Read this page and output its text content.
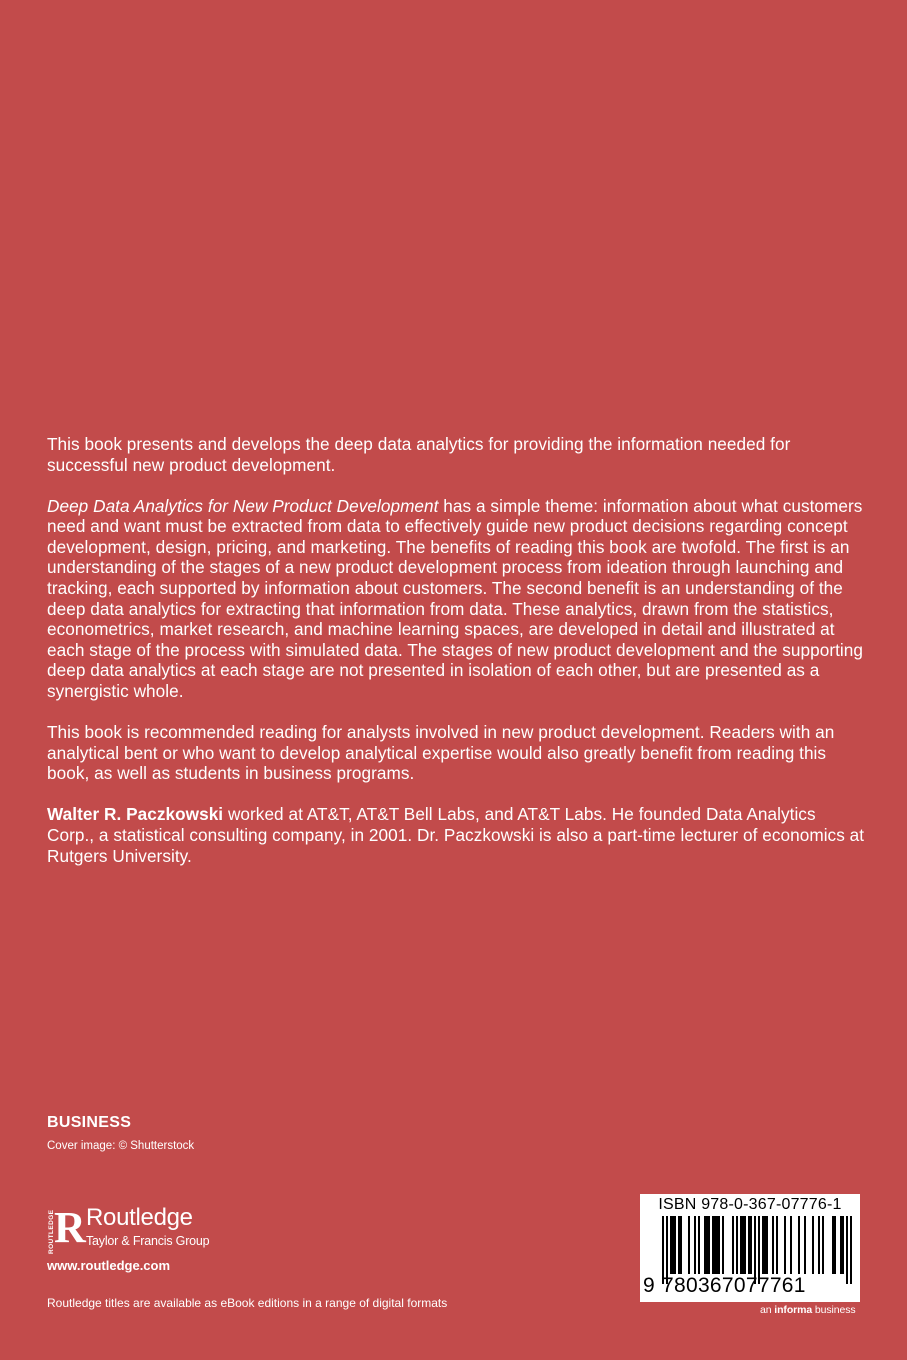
This book presents and develops the deep data analytics for providing the information needed for successful new product development.

Deep Data Analytics for New Product Development has a simple theme: information about what customers need and want must be extracted from data to effectively guide new product decisions regarding concept development, design, pricing, and marketing. The benefits of reading this book are twofold. The first is an understanding of the stages of a new product development process from ideation through launching and tracking, each supported by information about customers. The second benefit is an understanding of the deep data analytics for extracting that information from data. These analytics, drawn from the statistics, econometrics, market research, and machine learning spaces, are developed in detail and illustrated at each stage of the process with simulated data. The stages of new product development and the supporting deep data analytics at each stage are not presented in isolation of each other, but are presented as a synergistic whole.

This book is recommended reading for analysts involved in new product development. Readers with an analytical bent or who want to develop analytical expertise would also greatly benefit from reading this book, as well as students in business programs.

Walter R. Paczkowski worked at AT&T, AT&T Bell Labs, and AT&T Labs. He founded Data Analytics Corp., a statistical consulting company, in 2001. Dr. Paczkowski is also a part-time lecturer of economics at Rutgers University.

BUSINESS
Cover image: © Shutterstock
ROUTLEDGE R Routledge
Taylor & Francis Group
www.routledge.com
Routledge titles are available as eBook editions in a range of digital formats
ISBN 978-0-367-07776-1
9 780367077761
an informa business
